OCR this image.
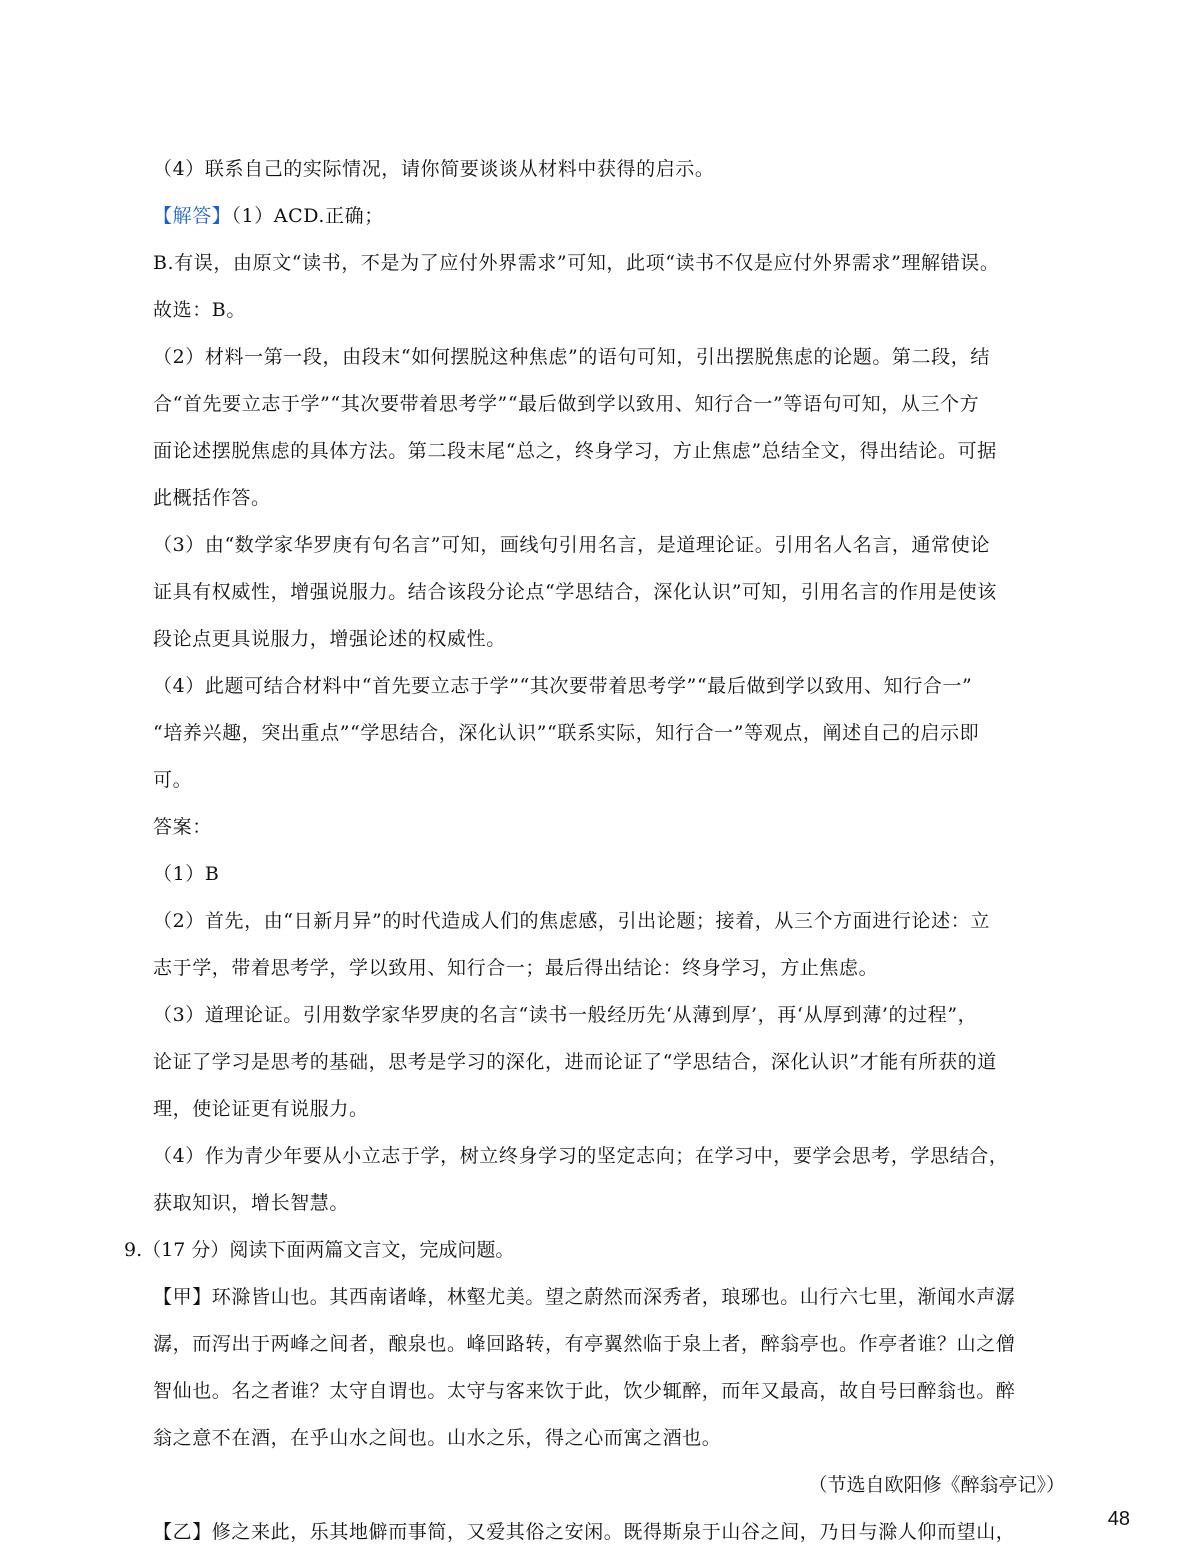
（4）联系自己的实际情况，请你简要谈谈从材料中获得的启示。
【解答】（1）ACD.正确；
B.有误，由原文“读书，不是为了应付外界需求”可知，此项“读书不仅是应付外界需求”理解错误。
故选：B。
（2）材料一第一段，由段末“如何摆脱这种焦虑”的语句可知，引出摆脱焦虑的论题。第二段，结
合“首先要立志于学”“其次要带着思考学”“最后做到学以致用、知行合一”等语句可知，从三个方
面论述摆脱焦虑的具体方法。第二段末尾“总之，终身学习，方止焦虑”总结全文，得出结论。可据
此概括作答。
（3）由“数学家华罗庚有句名言”可知，画线句引用名言，是道理论证。引用名人名言，通常使论
证具有权威性，增强说服力。结合该段分论点“学思结合，深化认识”可知，引用名言的作用是使该
段论点更具说服力，增强论述的权威性。
（4）此题可结合材料中“首先要立志于学”“其次要带着思考学”“最后做到学以致用、知行合一”
“培养兴趣，突出重点”“学思结合，深化认识”“联系实际，知行合一”等观点，阐述自己的启示即
可。
答案：
（1）B
（2）首先，由“日新月异”的时代造成人们的焦虑感，引出论题；接着，从三个方面进行论述：立
志于学，带着思考学，学以致用、知行合一；最后得出结论：终身学习，方止焦虑。
（3）道理论证。引用数学家华罗庚的名言“读书一般经历先‘从薄到厚’，再‘从厚到薄’的过程”，
论证了学习是思考的基础，思考是学习的深化，进而论证了“学思结合，深化认识”才能有所获的道
理，使论证更有说服力。
（4）作为青少年要从小立志于学，树立终身学习的坚定志向；在学习中，要学会思考，学思结合，
获取知识，增长智慧。
9.（17 分）阅读下面两篇文言文，完成问题。
【甲】环滁皆山也。其西南诸峰，林壑尤美。望之蔚然而深秀者，琅琊也。山行六七里，渐闻水声潺
潺，而泻出于两峰之间者，酿泉也。峰回路转，有亭翼然临于泉上者，醉翁亭也。作亭者谁？山之僧
智仙也。名之者谁？太守自谓也。太守与客来饮于此，饮少辄醉，而年又最高，故自号曰醉翁也。醉
翁之意不在酒，在乎山水之间也。山水之乐，得之心而寓之酒也。
（节选自欧阳修《醉翁亭记》）
【乙】修之来此，乐其地僻而事简，又爱其俗之安闲。既得斯泉于山谷之间，乃日与滁人仰而望山，
48
